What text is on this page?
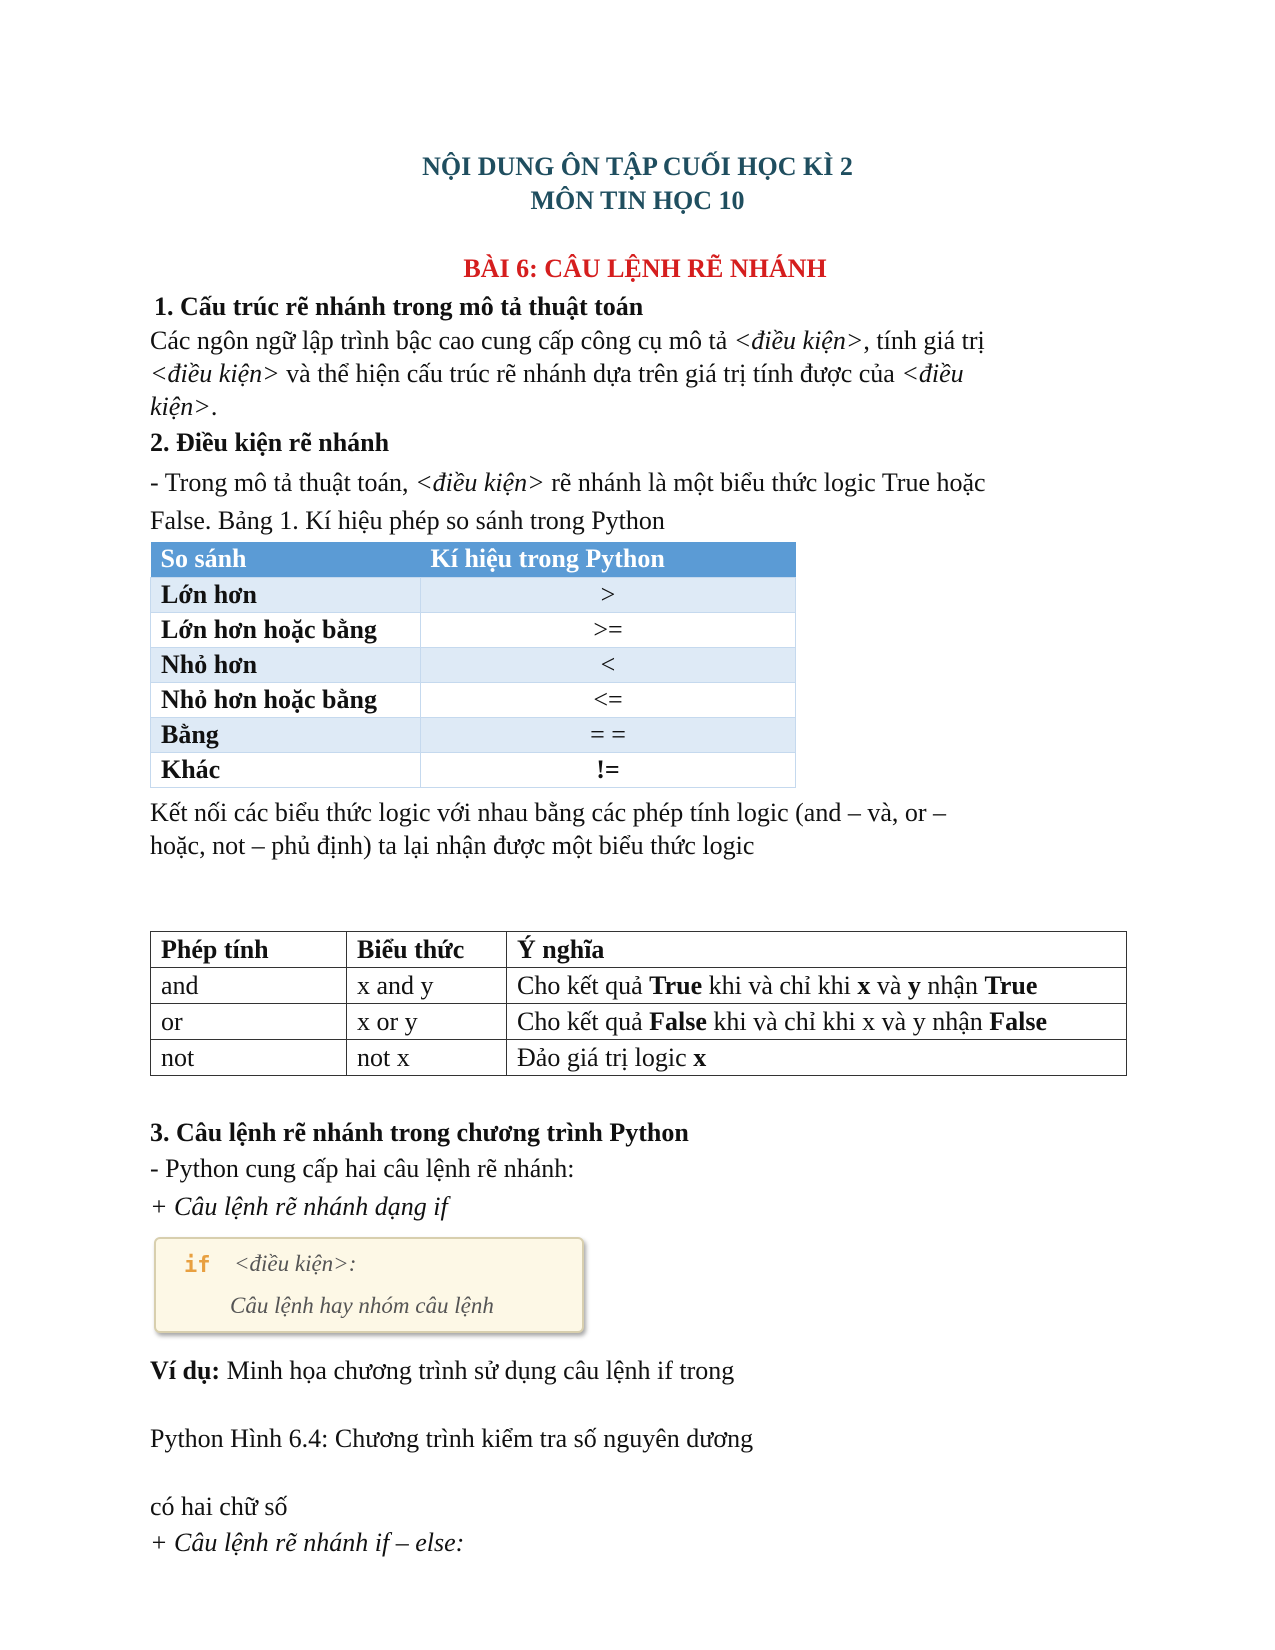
NỘI DUNG ÔN TẬP CUỐI HỌC KÌ 2
MÔN TIN HỌC 10
BÀI 6: CÂU LỆNH RẼ NHÁNH
1. Cấu trúc rẽ nhánh trong mô tả thuật toán
Các ngôn ngữ lập trình bậc cao cung cấp công cụ mô tả <điều kiện>, tính giá trị
<điều kiện> và thể hiện cấu trúc rẽ nhánh dựa trên giá trị tính được của <điều
kiện>.
2. Điều kiện rẽ nhánh
- Trong mô tả thuật toán, <điều kiện> rẽ nhánh là một biểu thức logic True hoặc
False. Bảng 1. Kí hiệu phép so sánh trong Python
So sánh	Kí hiệu trong Python
Lớn hơn	>
Lớn hơn hoặc bằng	>=
Nhỏ hơn	<
Nhỏ hơn hoặc bằng	<=
Bằng	= =
Khác	!=
Kết nối các biểu thức logic với nhau bằng các phép tính logic (and – và, or –
hoặc, not – phủ định) ta lại nhận được một biểu thức logic
Phép tính	Biểu thức	Ý nghĩa
and	x and y	Cho kết quả True khi và chỉ khi x và y nhận True
or	x or y	Cho kết quả False khi và chỉ khi x và y nhận False
not	not x	Đảo giá trị logic x
3. Câu lệnh rẽ nhánh trong chương trình Python
- Python cung cấp hai câu lệnh rẽ nhánh:
+ Câu lệnh rẽ nhánh dạng if
if <điều kiện>:
Câu lệnh hay nhóm câu lệnh
Ví dụ: Minh họa chương trình sử dụng câu lệnh if trong
Python Hình 6.4: Chương trình kiểm tra số nguyên dương
có hai chữ số
+ Câu lệnh rẽ nhánh if – else:
